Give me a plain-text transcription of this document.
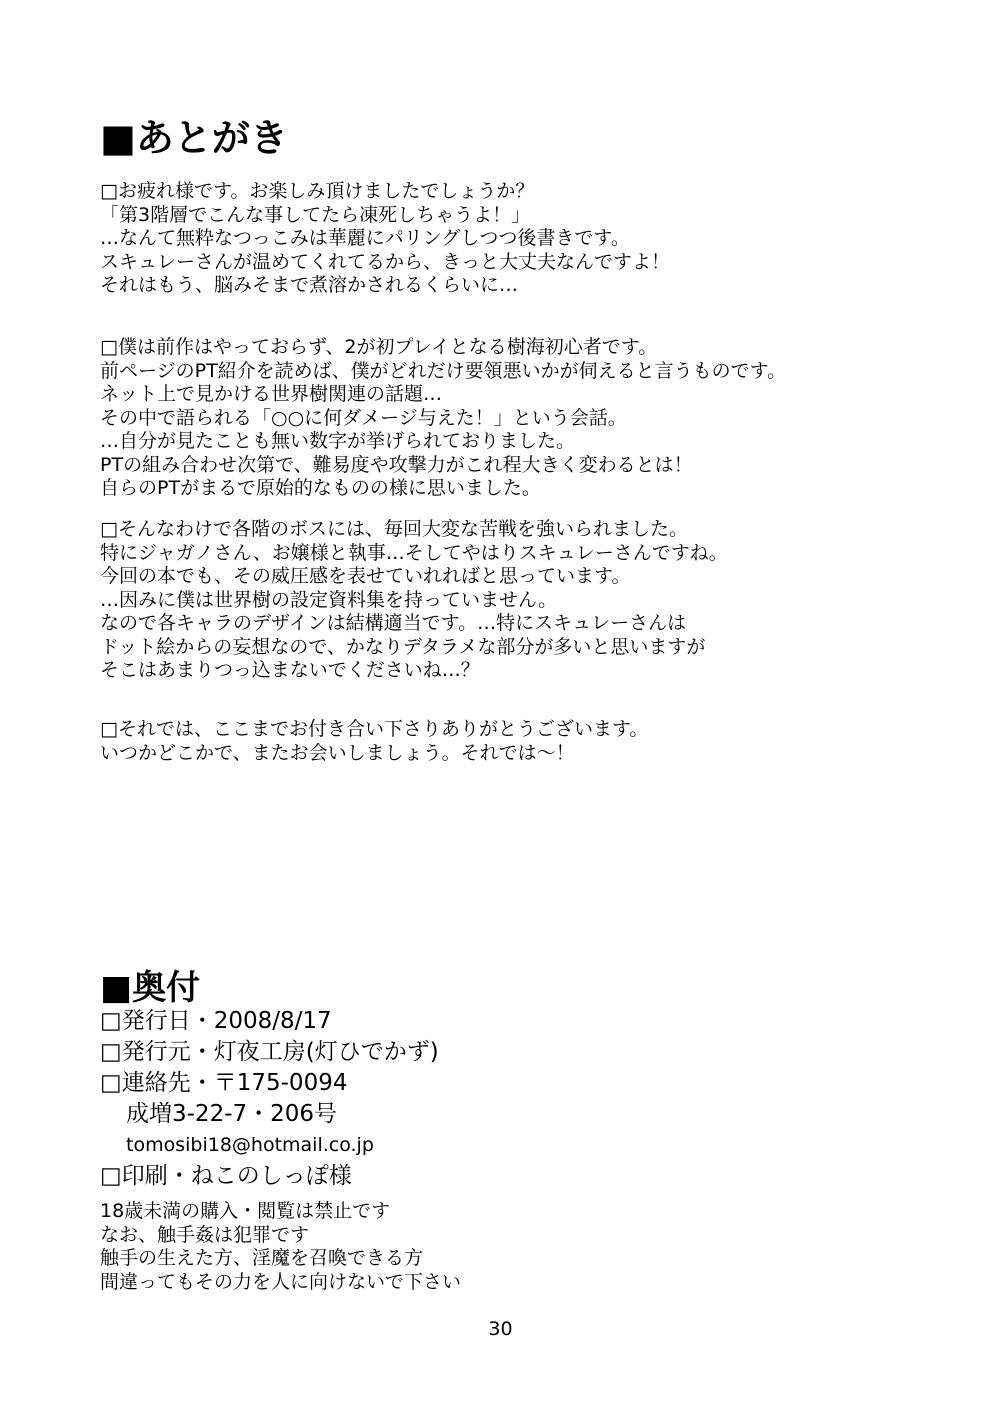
■あとがき
□お疲れ様です。お楽しみ頂けましたでしょうか？
「第3階層でこんな事してたら凍死しちゃうよ！」
…なんて無粋なつっこみは華麗にパリングしつつ後書きです。
スキュレーさんが温めてくれてるから、きっと大丈夫なんですよ！
それはもう、脳みそまで煮溶かされるくらいに…
□僕は前作はやっておらず、2が初プレイとなる樹海初心者です。
前ページのPT紹介を読めば、僕がどれだけ要領悪いかが伺えると言うものです。
ネット上で見かける世界樹関連の話題…
その中で語られる「○○に何ダメージ与えた！」という会話。
…自分が見たことも無い数字が挙げられておりました。
PTの組み合わせ次第で、難易度や攻撃力がこれ程大きく変わるとは！
自らのPTがまるで原始的なものの様に思いました。
□そんなわけで各階のボスには、毎回大変な苦戦を強いられました。
特にジャガノさん、お嬢様と執事…そしてやはりスキュレーさんですね。
今回の本でも、その威圧感を表せていれればと思っています。
…因みに僕は世界樹の設定資料集を持っていません。
なので各キャラのデザインは結構適当です。…特にスキュレーさんは
ドット絵からの妄想なので、かなりデタラメな部分が多いと思いますが
そこはあまりつっ込まないでくださいね…？
□それでは、ここまでお付き合い下さりありがとうございます。
いつかどこかで、またお会いしましょう。それでは～！
■奥付
□発行日・2008/8/17
□発行元・灯夜工房(灯ひでかず)
□連絡先・〒175-0094
成増3-22-7・206号
tomosibi18@hotmail.co.jp
□印刷・ねこのしっぽ様
18歳未満の購入・閲覧は禁止です
なお、触手姦は犯罪です
触手の生えた方、淫魔を召喚できる方
間違ってもその力を人に向けないで下さい
30
